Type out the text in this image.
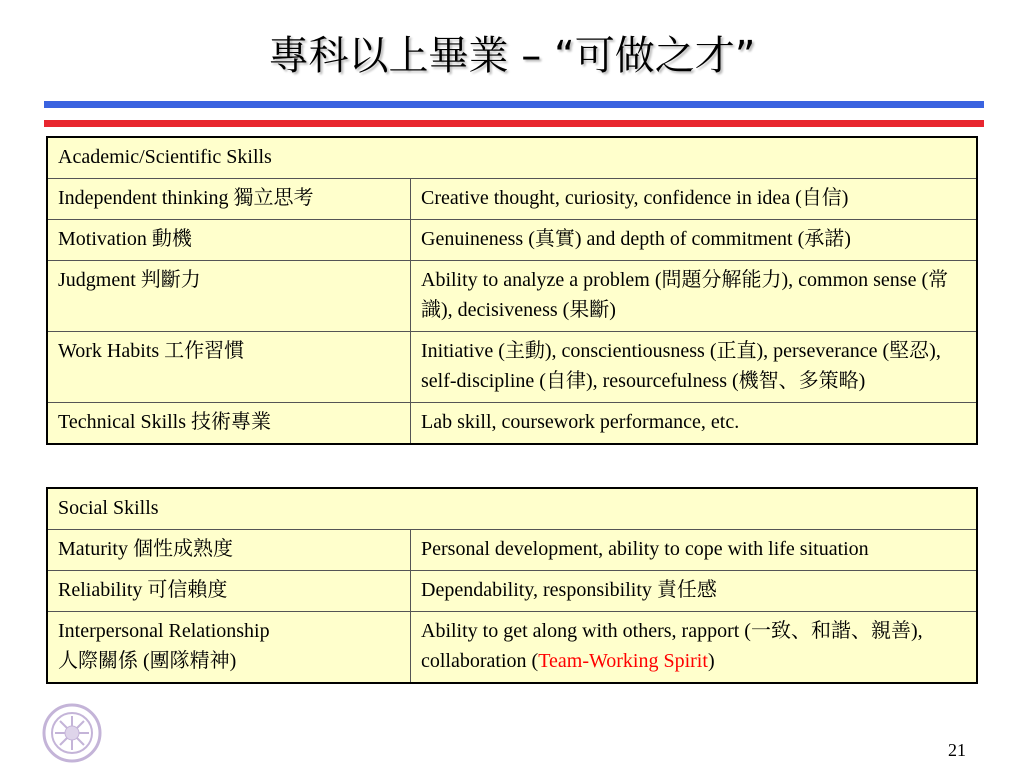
專科以上畢業 – “可做之才”
Academic/Scientific Skills	
Independent thinking 獨立思考	Creative thought, curiosity, confidence in idea (自信)
Motivation 動機	Genuineness (真實) and depth of commitment (承諾)
Judgment 判斷力	Ability to analyze a problem (問題分解能力), common sense (常識), decisiveness (果斷)
Work Habits 工作習慣	Initiative (主動), conscientiousness (正直), perseverance (堅忍), self-discipline (自律), resourcefulness (機智、多策略)
Technical Skills 技術專業	Lab skill, coursework performance, etc.
Social Skills	
Maturity 個性成熟度	Personal development, ability to cope with life situation
Reliability 可信賴度	Dependability, responsibility 責任感

Interpersonal Relationship
人際關係 (團隊精神)	Ability to get along with others, rapport (一致、和諧、親善), collaboration (Team-Working Spirit)
21
